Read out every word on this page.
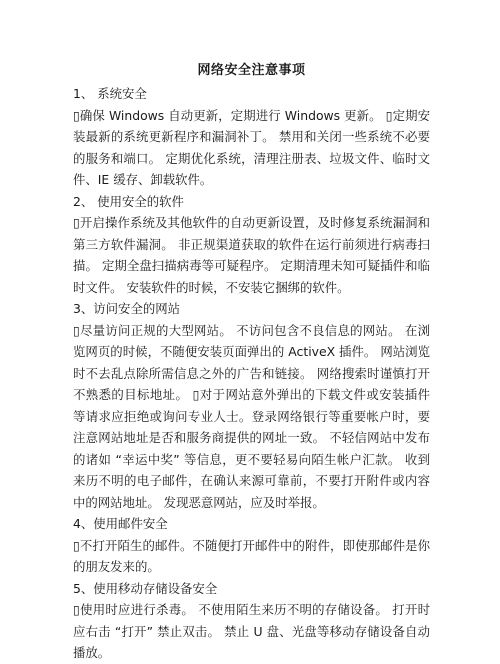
网络安全注意事项

1、 系统安全

▯确保 Windows 自动更新，定期进行 Windows 更新。 ▯定期安装最新的系统更新程序和漏洞补丁。 禁用和关闭一些系统不必要的服务和端口。 定期优化系统，清理注册表、垃圾文件、临时文件、IE 缓存、卸载软件。

2、 使用安全的软件

▯开启操作系统及其他软件的自动更新设置，及时修复系统漏洞和第三方软件漏洞。 非正规渠道获取的软件在运行前须进行病毒扫描。 定期全盘扫描病毒等可疑程序。 定期清理未知可疑插件和临时文件。 安装软件的时候，不安装它捆绑的软件。

3、访问安全的网站

▯尽量访问正规的大型网站。 不访问包含不良信息的网站。 在浏览网页的时候，不随便安装页面弹出的 ActiveX 插件。 网站浏览时不去乱点除所需信息之外的广告和链接。 网络搜索时谨慎打开不熟悉的目标地址。 ▯对于网站意外弹出的下载文件或安装插件等请求应拒绝或询问专业人士。登录网络银行等重要帐户时，要注意网站地址是否和服务商提供的网址一致。 不轻信网站中发布的诸如 “幸运中奖” 等信息，更不要轻易向陌生帐户汇款。 收到来历不明的电子邮件，在确认来源可靠前，不要打开附件或内容中的网站地址。 发现恶意网站，应及时举报。

4、使用邮件安全

▯不打开陌生的邮件。不随便打开邮件中的附件，即使那邮件是你的朋友发来的。

5、使用移动存储设备安全

▯使用时应进行杀毒。 不使用陌生来历不明的存储设备。 打开时应右击 “打开” 禁止双击。 禁止 U 盘、光盘等移动存储设备自动播放。
